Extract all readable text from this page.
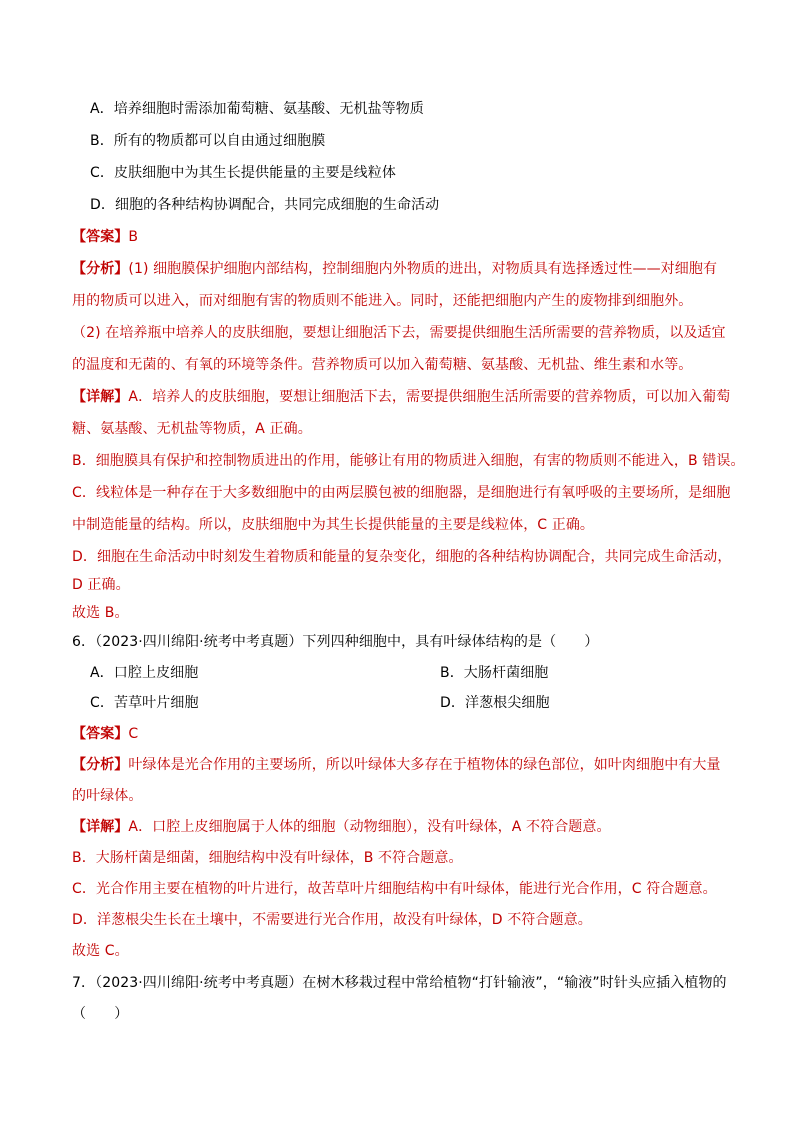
A．培养细胞时需添加葡萄糖、氨基酸、无机盐等物质
B．所有的物质都可以自由通过细胞膜
C．皮肤细胞中为其生长提供能量的主要是线粒体
D．细胞的各种结构协调配合，共同完成细胞的生命活动
【答案】B
【分析】(1) 细胞膜保护细胞内部结构，控制细胞内外物质的进出，对物质具有选择透过性——对细胞有
用的物质可以进入，而对细胞有害的物质则不能进入。同时，还能把细胞内产生的废物排到细胞外。
（2) 在培养瓶中培养人的皮肤细胞，要想让细胞活下去，需要提供细胞生活所需要的营养物质，以及适宜
的温度和无菌的、有氧的环境等条件。营养物质可以加入葡萄糖、氨基酸、无机盐、维生素和水等。
【详解】A．培养人的皮肤细胞，要想让细胞活下去，需要提供细胞生活所需要的营养物质，可以加入葡萄
糖、氨基酸、无机盐等物质，A 正确。
B．细胞膜具有保护和控制物质进出的作用，能够让有用的物质进入细胞，有害的物质则不能进入，B 错误。
C．线粒体是一种存在于大多数细胞中的由两层膜包被的细胞器，是细胞进行有氧呼吸的主要场所，是细胞
中制造能量的结构。所以，皮肤细胞中为其生长提供能量的主要是线粒体，C 正确。
D．细胞在生命活动中时刻发生着物质和能量的复杂变化，细胞的各种结构协调配合，共同完成生命活动，
D 正确。
故选 B。
6．（2023·四川绵阳·统考中考真题）下列四种细胞中，具有叶绿体结构的是（　　）
A．口腔上皮细胞	B．大肠杆菌细胞
C．苦草叶片细胞	D．洋葱根尖细胞
【答案】C
【分析】叶绿体是光合作用的主要场所，所以叶绿体大多存在于植物体的绿色部位，如叶肉细胞中有大量
的叶绿体。
【详解】A．口腔上皮细胞属于人体的细胞（动物细胞），没有叶绿体，A 不符合题意。
B．大肠杆菌是细菌，细胞结构中没有叶绿体，B 不符合题意。
C．光合作用主要在植物的叶片进行，故苦草叶片细胞结构中有叶绿体，能进行光合作用，C 符合题意。
D．洋葱根尖生长在土壤中，不需要进行光合作用，故没有叶绿体，D 不符合题意。
故选 C。
7．（2023·四川绵阳·统考中考真题）在树木移栽过程中常给植物“打针输液”，“输液”时针头应插入植物的
（　　）
